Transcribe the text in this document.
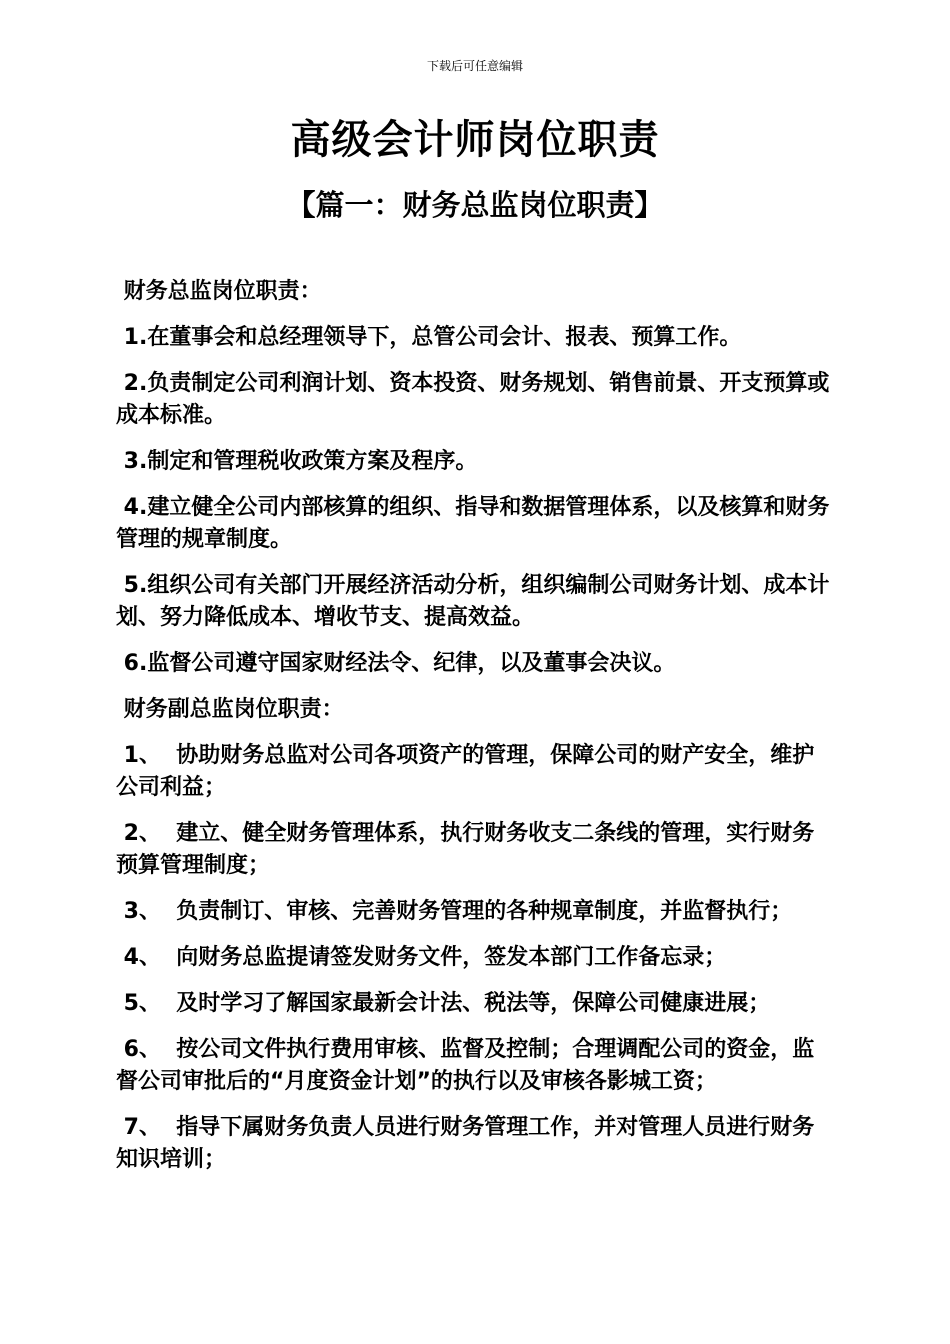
下载后可任意编辑
高级会计师岗位职责
【篇一：财务总监岗位职责】

财务总监岗位职责：

1.在董事会和总经理领导下，总管公司会计、报表、预算工作。

2.负责制定公司利润计划、资本投资、财务规划、销售前景、开支预算或成本标准。

3.制定和管理税收政策方案及程序。

4.建立健全公司内部核算的组织、指导和数据管理体系，以及核算和财务管理的规章制度。

5.组织公司有关部门开展经济活动分析，组织编制公司财务计划、成本计划、努力降低成本、增收节支、提高效益。

6.监督公司遵守国家财经法令、纪律，以及董事会决议。

财务副总监岗位职责：

1、  协助财务总监对公司各项资产的管理，保障公司的财产安全，维护公司利益；

2、  建立、健全财务管理体系，执行财务收支二条线的管理，实行财务预算管理制度；

3、  负责制订、审核、完善财务管理的各种规章制度，并监督执行；

4、  向财务总监提请签发财务文件，签发本部门工作备忘录；

5、  及时学习了解国家最新会计法、税法等，保障公司健康进展；

6、  按公司文件执行费用审核、监督及控制；合理调配公司的资金，监督公司审批后的“月度资金计划”的执行以及审核各影城工资；

7、  指导下属财务负责人员进行财务管理工作，并对管理人员进行财务知识培训；
